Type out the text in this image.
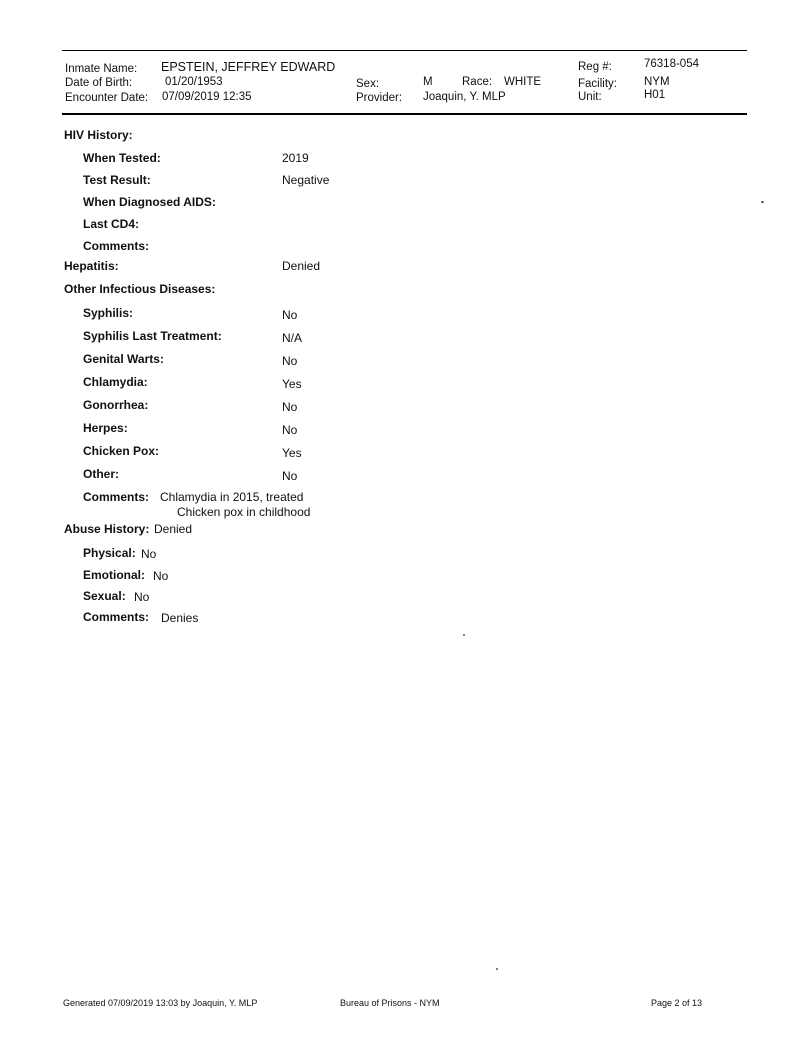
Inmate Name: EPSTEIN, JEFFREY EDWARD
Date of Birth:	01/20/1953
Encounter Date: 07/09/2019 12:35
Sex:	M	Race: WHITE
Provider: Joaquin, Y. MLP
Reg #:	76318-054
Facility: NYM
Unit:	H01
HIV History:
When Tested:	2019
Test Result:	Negative
When Diagnosed AIDS:
Last CD4:
Comments:
Hepatitis:	Denied
Other Infectious Diseases:
Syphilis:	No
Syphilis Last Treatment:	N/A
Genital Warts:	No
Chlamydia:	Yes
Gonorrhea:	No
Herpes:	No
Chicken Pox:	Yes
Other:	No
Comments: Chlamydia in 2015, treated
Chicken pox in childhood
Abuse History: Denied
Physical: No
Emotional: No
Sexual: No
Comments: Denies
Generated 07/09/2019 13:03 by Joaquin, Y. MLP	Bureau of Prisons - NYM	Page 2 of 13
